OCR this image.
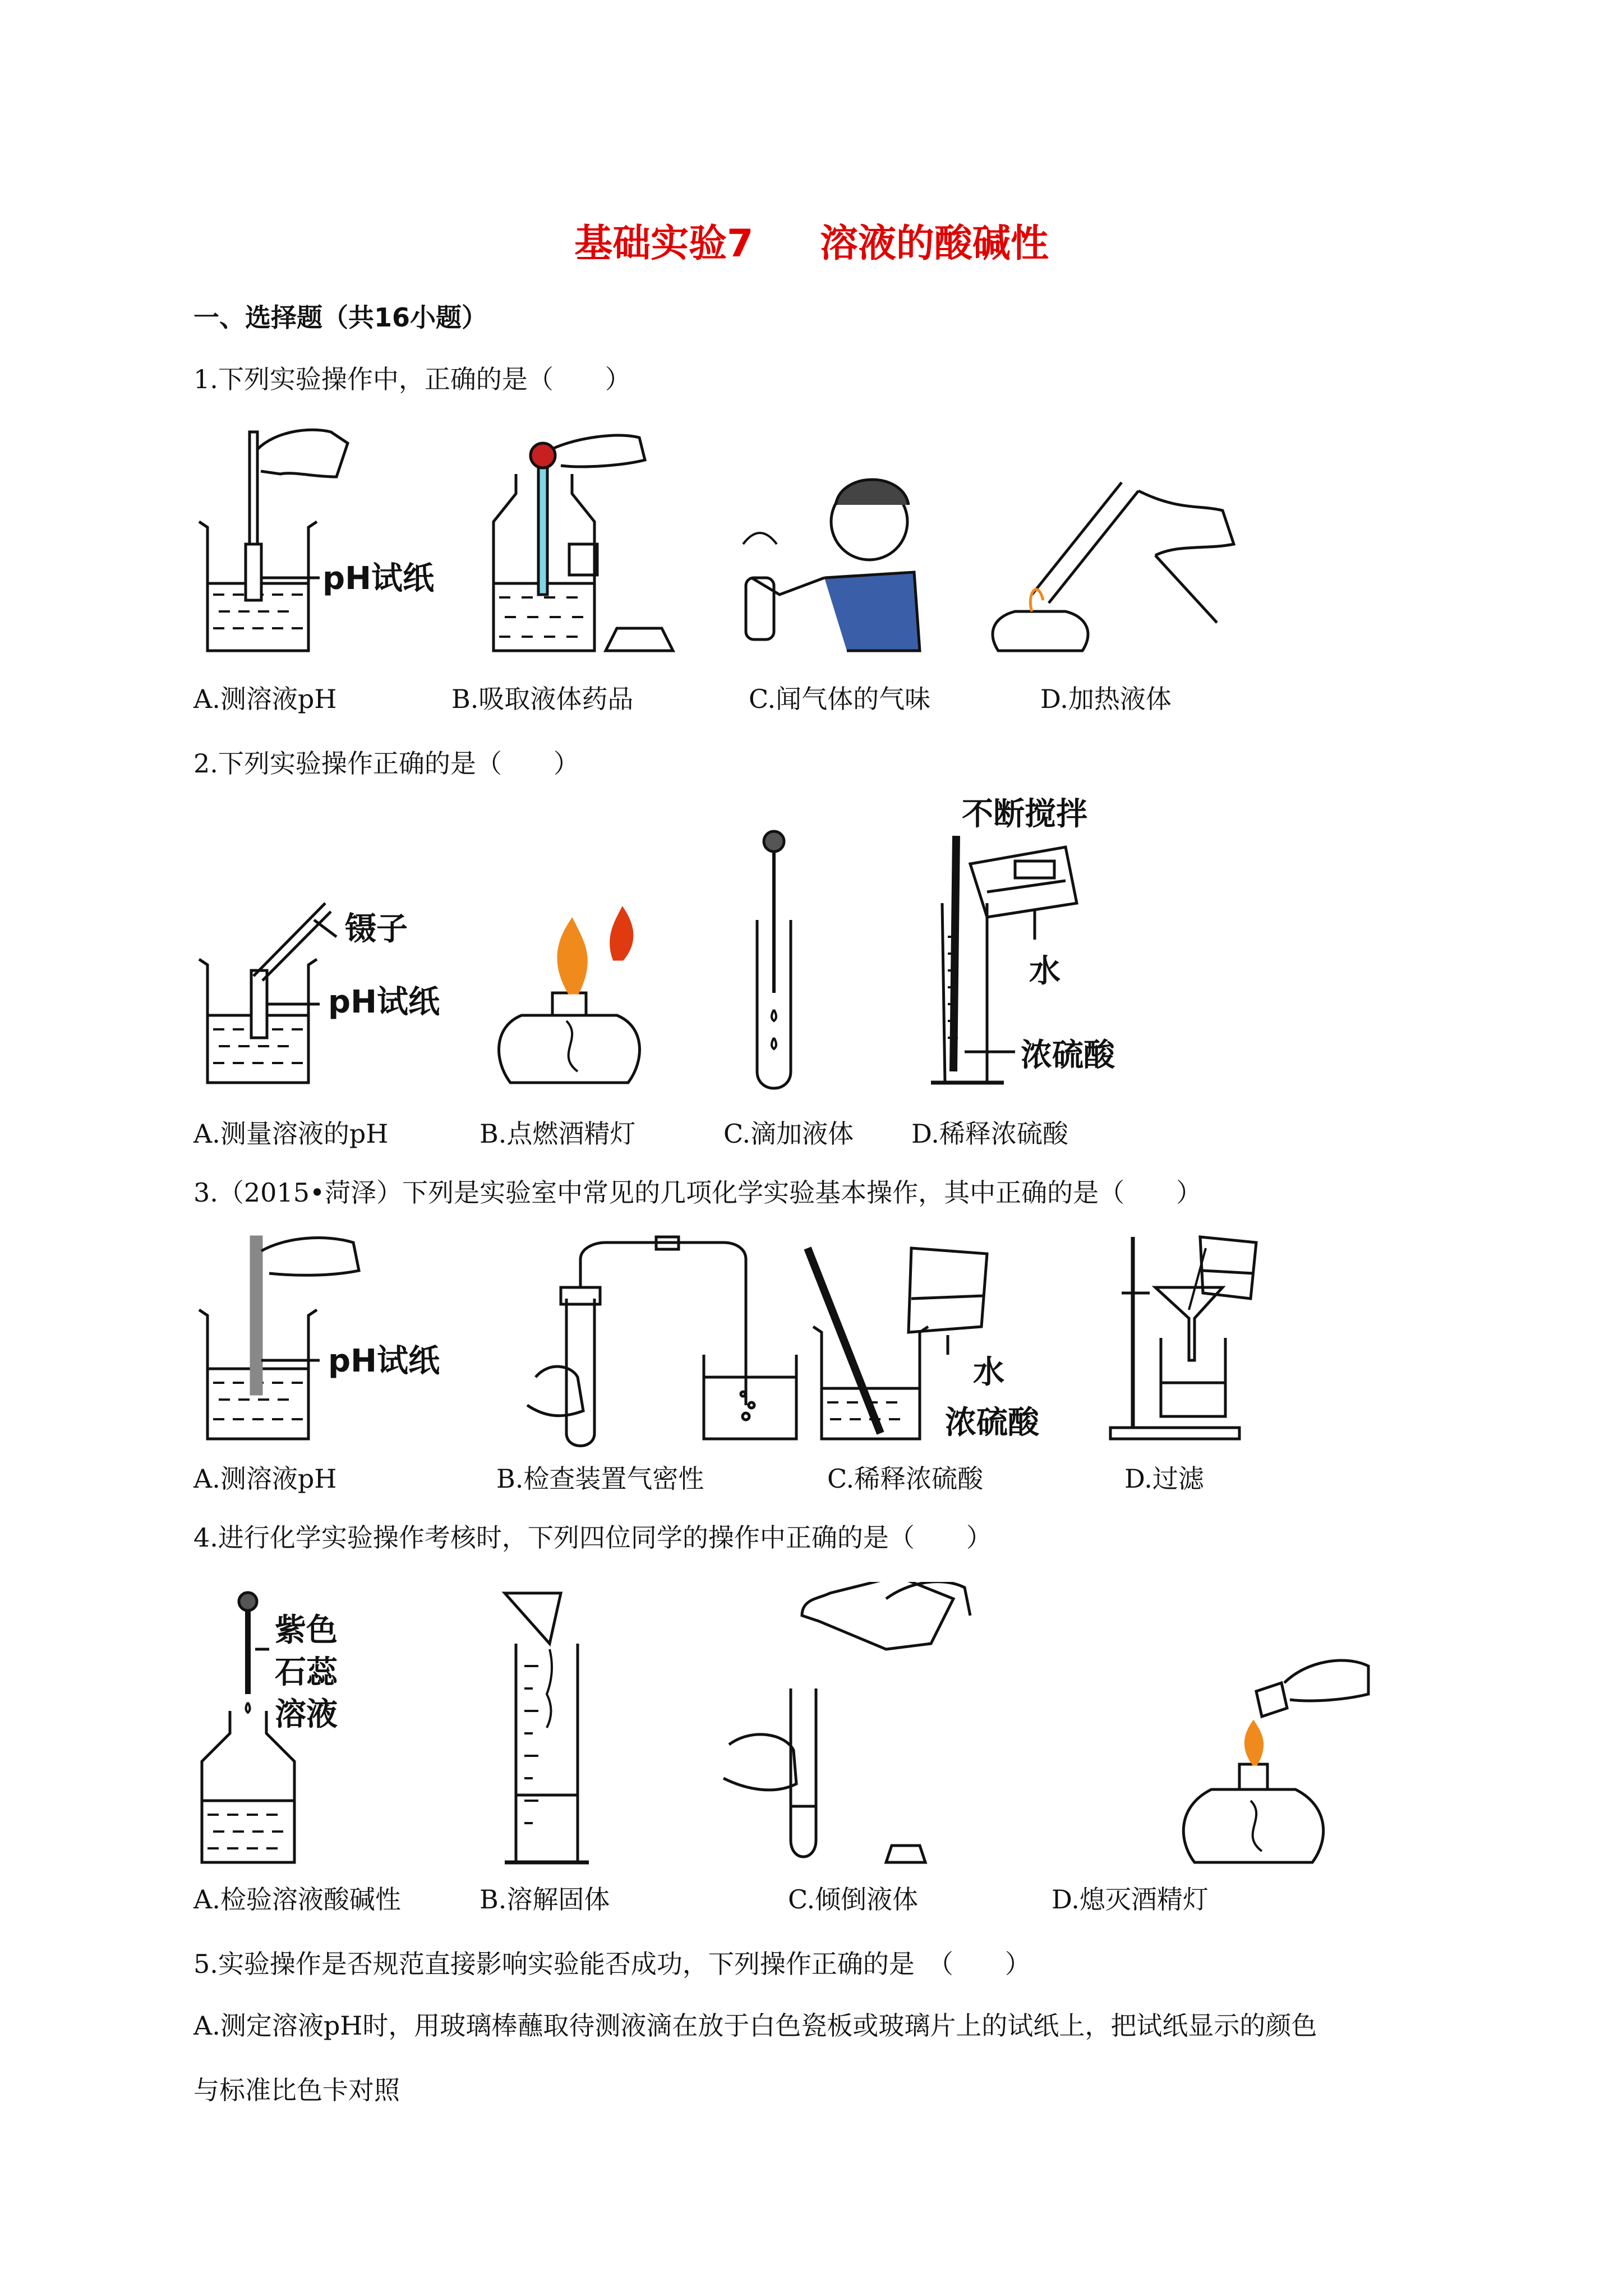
基础实验7     溶液的酸碱性
一、选择题（共16小题）
1.下列实验操作中，正确的是（　　）
pH试纸
A.测溶液pH	B.吸取液体药品	C.闻气体的气味	D.加热液体
2.下列实验操作正确的是（　　）
镊子
pH试纸
不断搅拌
水
浓硫酸
A.测量溶液的pH	B.点燃酒精灯	C.滴加液体 D.稀释浓硫酸
3.（2015•菏泽）下列是实验室中常见的几项化学实验基本操作，其中正确的是（　　）
pH试纸	水
浓硫酸
A.测溶液pH	B.检查装置气密性	C.稀释浓硫酸	D.过滤
4.进行化学实验操作考核时，下列四位同学的操作中正确的是（　　）
紫色
石蕊
溶液
A.检验溶液酸碱性	B.溶解固体	C.倾倒液体	D.熄灭酒精灯
5.实验操作是否规范直接影响实验能否成功，下列操作正确的是　（　　）
A.测定溶液pH时，用玻璃棒蘸取待测液滴在放于白色瓷板或玻璃片上的试纸上，把试纸显示的颜色
与标准比色卡对照
